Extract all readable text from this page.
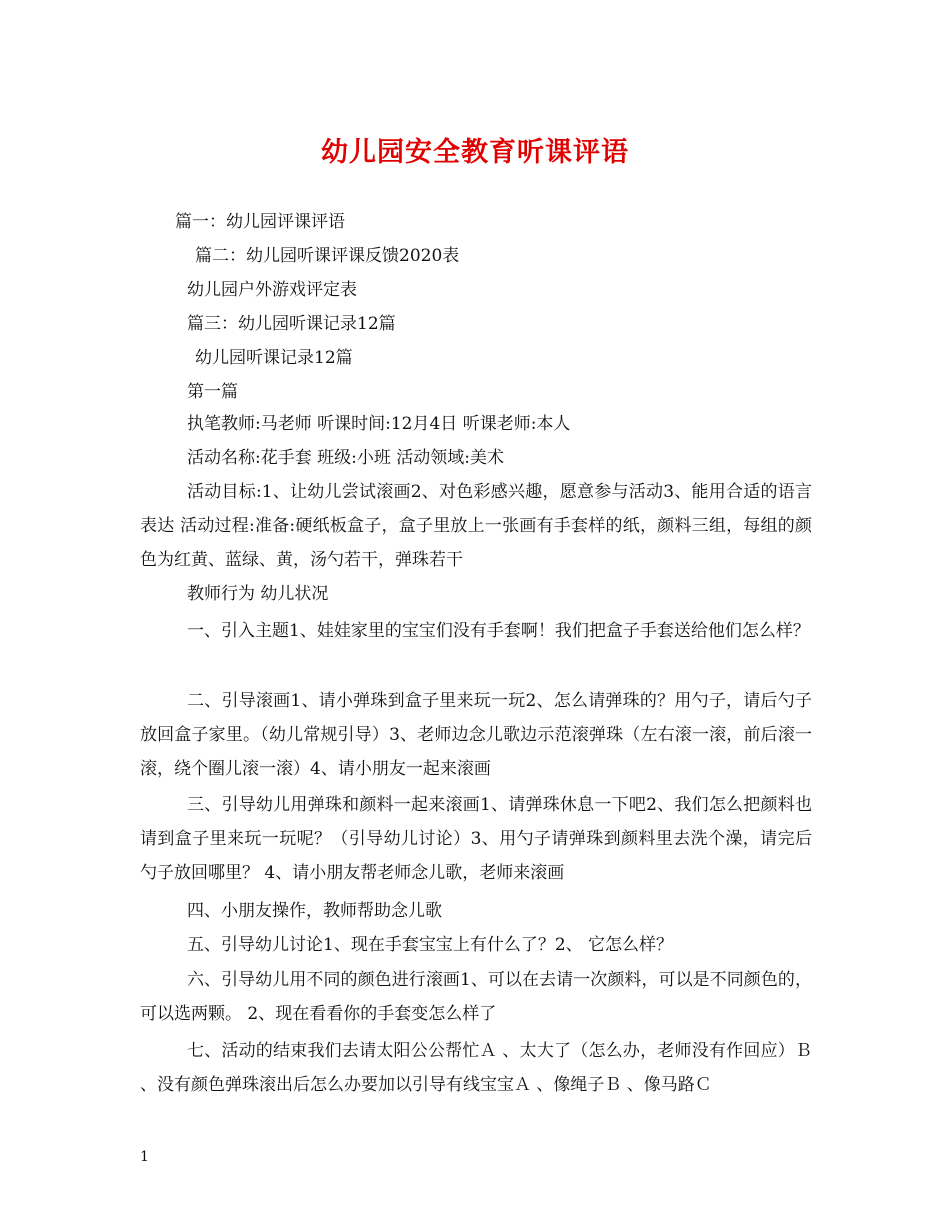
幼儿园安全教育听课评语
篇一：幼儿园评课评语
篇二：幼儿园听课评课反馈2020表
幼儿园户外游戏评定表
篇三：幼儿园听课记录12篇
幼儿园听课记录12篇
第一篇
执笔教师:马老师 听课时间:12月4日 听课老师:本人
活动名称:花手套 班级:小班 活动领域:美术
活动目标:1、让幼儿尝试滚画2、对色彩感兴趣，愿意参与活动3、能用合适的语言表达 活动过程:准备:硬纸板盒子，盒子里放上一张画有手套样的纸，颜料三组，每组的颜色为红黄、蓝绿、黄，汤勺若干，弹珠若干
教师行为 幼儿状况
一、引入主题1、娃娃家里的宝宝们没有手套啊！我们把盒子手套送给他们怎么样？
二、引导滚画1、请小弹珠到盒子里来玩一玩2、怎么请弹珠的？用勺子，请后勺子放回盒子家里。（幼儿常规引导）3、老师边念儿歌边示范滚弹珠（左右滚一滚，前后滚一滚，绕个圈儿滚一滚）4、请小朋友一起来滚画
三、引导幼儿用弹珠和颜料一起来滚画1、请弹珠休息一下吧2、我们怎么把颜料也请到盒子里来玩一玩呢？（引导幼儿讨论）3、用勺子请弹珠到颜料里去洗个澡，请完后勺子放回哪里？ 4、请小朋友帮老师念儿歌，老师来滚画
四、小朋友操作，教师帮助念儿歌
五、引导幼儿讨论1、现在手套宝宝上有什么了？2、 它怎么样？
六、引导幼儿用不同的颜色进行滚画1、可以在去请一次颜料，可以是不同颜色的，可以选两颗。 2、现在看看你的手套变怎么样了
七、活动的结束我们去请太阳公公帮忙Ａ 、太大了（怎么办，老师没有作回应）Ｂ 、没有颜色弹珠滚出后怎么办要加以引导有线宝宝Ａ 、像绳子Ｂ 、像马路Ｃ
1
